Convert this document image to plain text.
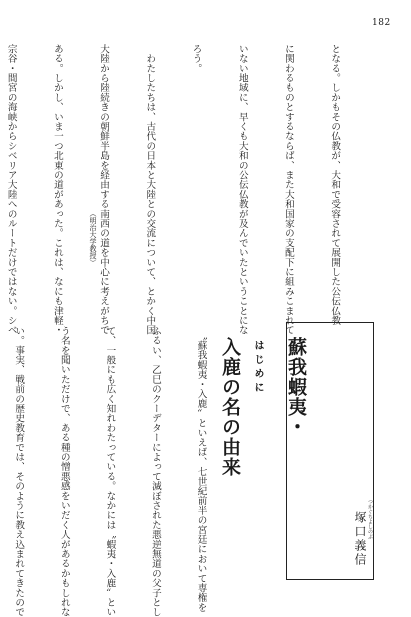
182

となる。しかもその仏教が、大和で受容されて展開した公伝仏教

に関わるものとするならば、また大和国家の支配下に組みこまれて

いない地域に、早くも大和の公伝仏教が及んでいたということにな

ろう。

　わたしたちは、古代の日本と大陸との交流について、とかく中国

大陸から陸続きの朝鮮半島を経由する南西の道を中心に考えがちで

ある。しかし、いま一つ北東の道があった。これは、なにも津軽・

宗谷・間宮の海峡からシベリア大陸へのルートだけではない。シベ

	（明治大学教授）

蘇我蝦夷・

入鹿の名の由来

つかぐちよしのぶ
塚口義信
はじめに

　〝蘇我蝦夷・入鹿〟といえば、七世紀前半の宮廷において専権を

ふるい、乙巳のクーデターによって滅ぼされた悪逆無道の父子とし

て、一般にも広く知れわたっている。なかには〝蝦夷・入鹿〟とい

う名を聞いただけで、ある種の憎悪感をいだく人があるかもしれな

い。事実、戦前の歴史教育では、そのように教え込まれてきたので
